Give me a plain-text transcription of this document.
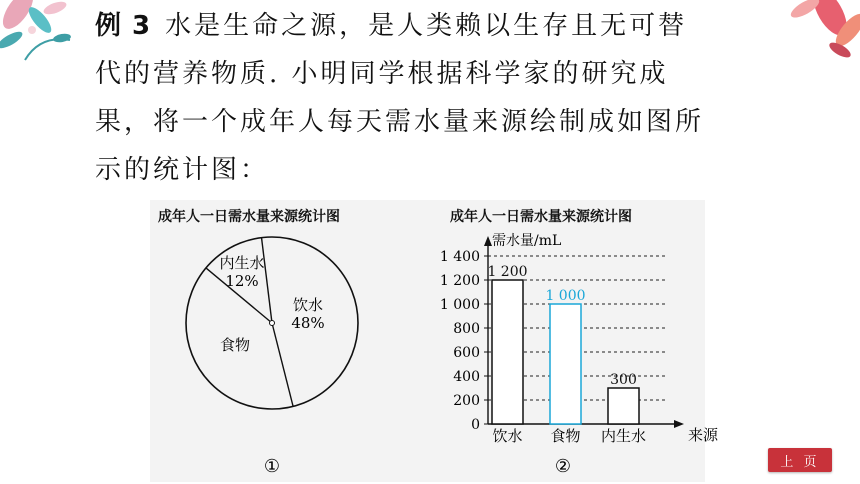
例 3 水是生命之源，是人类赖以生存且无可替
代的营养物质. 小明同学根据科学家的研究成
果，将一个成年人每天需水量来源绘制成如图所
示的统计图：
成年人一日需水量来源统计图	成年人一日需水量来源统计图
饮水
48%
食物
内生水
12%
①
0
200
400
600
800
1 000
1 200
1 400
需水量/mL
来源
1 200
饮水
1 000
食物
300
内生水
②	上 页
